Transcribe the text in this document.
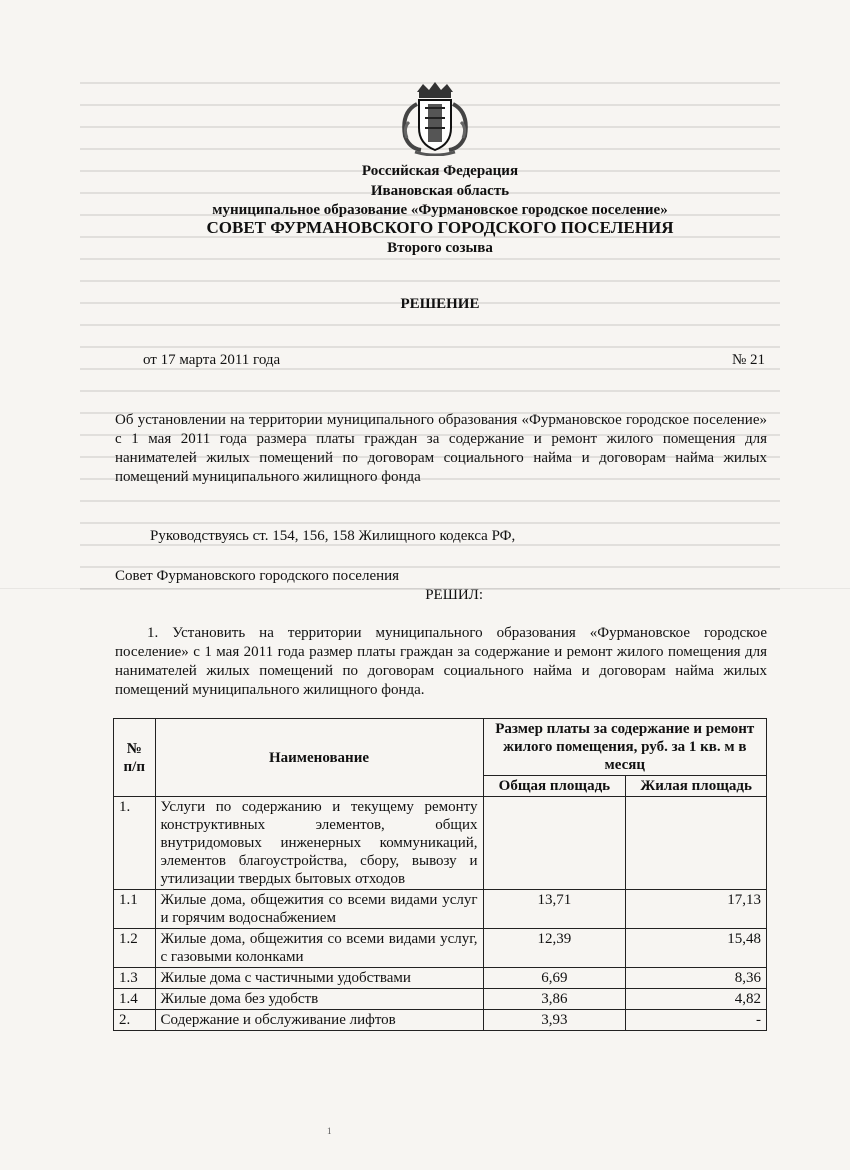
Российская Федерация
Ивановская область
муниципальное образование «Фурмановское городское поселение»
СОВЕТ ФУРМАНОВСКОГО ГОРОДСКОГО ПОСЕЛЕНИЯ
Второго созыва
РЕШЕНИЕ
от 17 марта 2011 года	№ 21
Об установлении на территории муниципального образования «Фурмановское городское поселение» с 1 мая 2011 года размера платы граждан за содержание и ремонт жилого помещения для нанимателей жилых помещений по договорам социального найма и договорам найма жилых помещений муниципального жилищного фонда
Руководствуясь ст. 154, 156, 158 Жилищного кодекса РФ,
Совет Фурмановского городского поселения
РЕШИЛ:
1. Установить на территории муниципального образования «Фурмановское городское поселение» с 1 мая 2011 года размер платы граждан за содержание и ремонт жилого помещения для нанимателей жилых помещений по договорам социального найма и договорам найма жилых помещений муниципального жилищного фонда.
№ п/п	Наименование	Размер платы за содержание и ремонт жилого помещения, руб. за 1 кв. м в месяц	
		Общая площадь	Жилая площадь
1.	Услуги по содержанию и текущему ремонту конструктивных элементов, общих внутридомовых инженерных коммуникаций, элементов благоустройства, сбору, вывозу и утилизации твердых бытовых отходов		
1.1	Жилые дома, общежития со всеми видами услуг и горячим водоснабжением	13,71	17,13
1.2	Жилые дома, общежития со всеми видами услуг, с газовыми колонками	12,39	15,48
1.3	Жилые дома с частичными удобствами	6,69	8,36
1.4	Жилые дома без удобств	3,86	4,82
2.	Содержание и обслуживание лифтов	3,93	-
1
